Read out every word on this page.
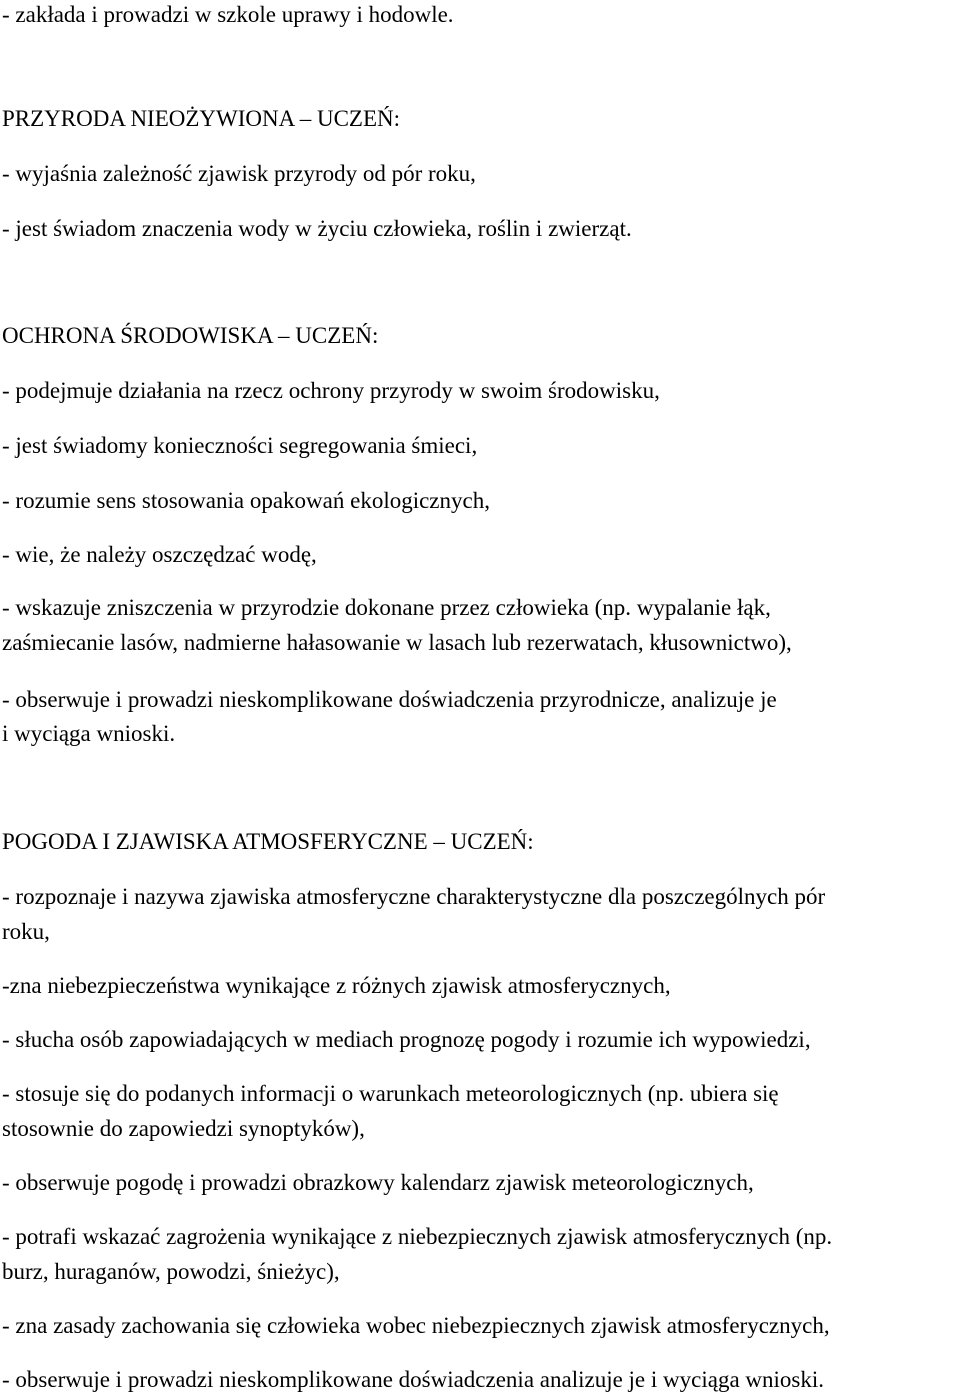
- zakłada i prowadzi w szkole uprawy i hodowle.
PRZYRODA NIEOŻYWIONA – UCZEŃ:
- wyjaśnia zależność zjawisk przyrody od pór roku,
- jest świadom znaczenia wody w życiu człowieka, roślin i zwierząt.
OCHRONA ŚRODOWISKA – UCZEŃ:
- podejmuje działania na rzecz ochrony przyrody w swoim środowisku,
- jest świadomy konieczności segregowania śmieci,
- rozumie sens stosowania opakowań ekologicznych,
- wie, że należy oszczędzać wodę,
- wskazuje zniszczenia w przyrodzie dokonane przez człowieka (np. wypalanie łąk,
zaśmiecanie lasów, nadmierne hałasowanie w lasach lub rezerwatach, kłusownictwo),
- obserwuje i prowadzi nieskomplikowane doświadczenia przyrodnicze, analizuje je
i wyciąga wnioski.
POGODA I ZJAWISKA ATMOSFERYCZNE – UCZEŃ:
- rozpoznaje i nazywa zjawiska atmosferyczne charakterystyczne dla poszczególnych pór
roku,
-zna niebezpieczeństwa wynikające z różnych zjawisk atmosferycznych,
- słucha osób zapowiadających w mediach prognozę pogody i rozumie ich wypowiedzi,
- stosuje się do podanych informacji o warunkach meteorologicznych (np. ubiera się
stosownie do zapowiedzi synoptyków),
- obserwuje pogodę i prowadzi obrazkowy kalendarz zjawisk meteorologicznych,
- potrafi wskazać zagrożenia wynikające z niebezpiecznych zjawisk atmosferycznych (np.
burz, huraganów, powodzi, śnieżyc),
- zna zasady zachowania się człowieka wobec niebezpiecznych zjawisk atmosferycznych,
- obserwuje i prowadzi nieskomplikowane doświadczenia analizuje je i wyciąga wnioski.
